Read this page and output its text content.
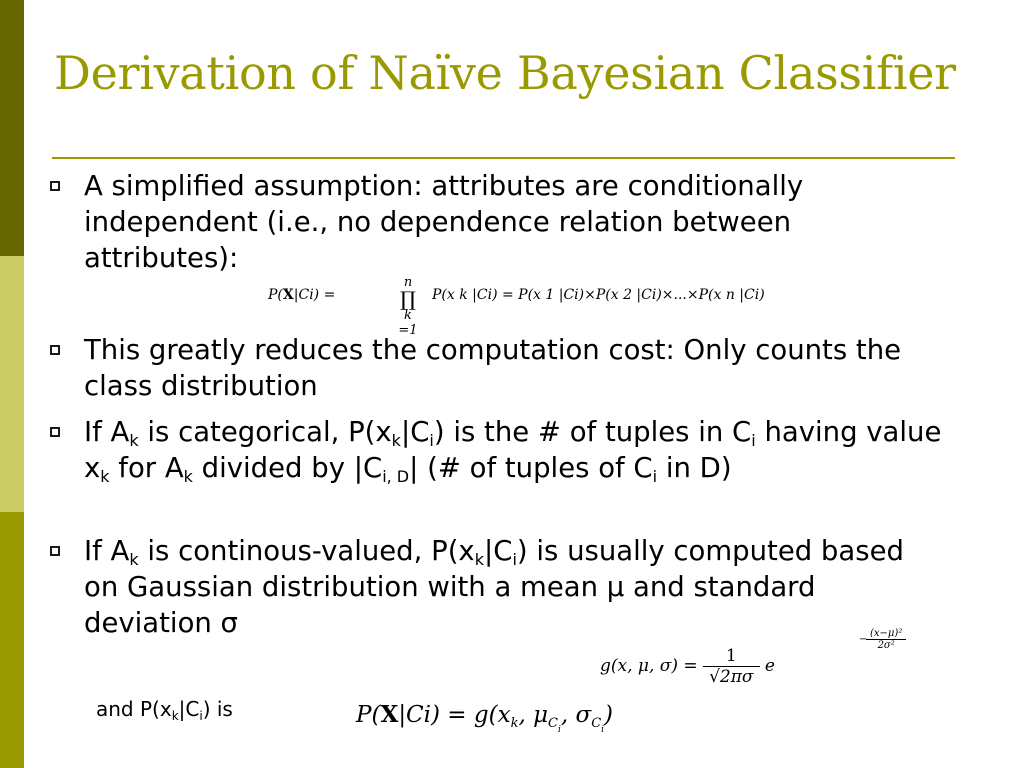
Derivation of Naïve Bayesian Classifier
A simplified assumption: attributes are conditionally independent (i.e., no dependence relation between attributes):
P(X|Ci) =
n
∏
k =1
P(x k |Ci) = P(x 1 |Ci)×P(x 2 |Ci)×...×P(x n |Ci)
This greatly reduces the computation cost: Only counts the class distribution
If $A_k$ is categorical, $P(x_k|C_i)$ is the # of tuples in $C_i$ having value $x_k$ for $A_k$ divided by $|C_{i, D}|$ (# of tuples of $C_i$ in D)
If $A_k$ is continous-valued, $P(x_k|C_i)$ is usually computed based on Gaussian distribution with a mean μ and standard deviation σ
g(x, μ, $\sigma) = \frac{1}{√2\pi\sigma}$ e
−
(x−μ)²
2σ²
and $P(x_k|C_i)$ is	$P(X|Ci) = g(x_k$, $\mu_{C_i}$, $\sigma_{C_i}$)
